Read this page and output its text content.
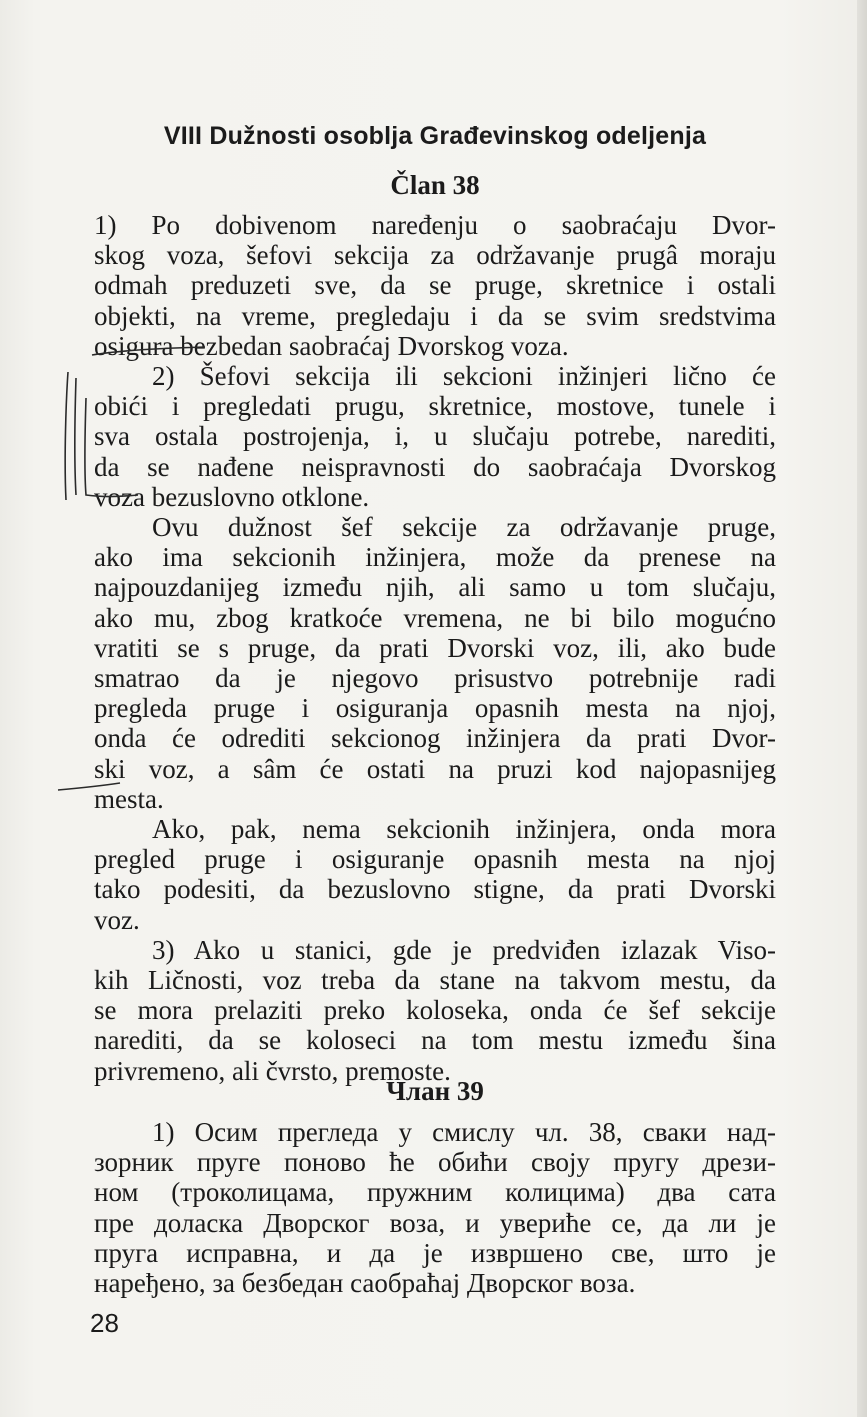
VIII Dužnosti osoblja Građevinskog odeljenja
Član 38
1) Po dobivenom naređenju o saobraćaju Dvor-
skog voza, šefovi sekcija za održavanje prugâ moraju
odmah preduzeti sve, da se pruge, skretnice i ostali
objekti, na vreme, pregledaju i da se svim sredstvima
osigura bezbedan saobraćaj Dvorskog voza.
2) Šefovi sekcija ili sekcioni inžinjeri lično će
obići i pregledati prugu, skretnice, mostove, tunele i
sva ostala postrojenja, i, u slučaju potrebe, narediti,
da se nađene neispravnosti do saobraćaja Dvorskog
voza bezuslovno otklone.
Ovu dužnost šef sekcije za održavanje pruge,
ako ima sekcionih inžinjera, može da prenese na
najpouzdanijeg između njih, ali samo u tom slučaju,
ako mu, zbog kratkoće vremena, ne bi bilo mogućno
vratiti se s pruge, da prati Dvorski voz, ili, ako bude
smatrao da je njegovo prisustvo potrebnije radi
pregleda pruge i osiguranja opasnih mesta na njoj,
onda će odrediti sekcionog inžinjera da prati Dvor-
ski voz, a sâm će ostati na pruzi kod najopasnijeg
mesta.
Ako, pak, nema sekcionih inžinjera, onda mora
pregled pruge i osiguranje opasnih mesta na njoj
tako podesiti, da bezuslovno stigne, da prati Dvorski
voz.
3) Ako u stanici, gde je predviđen izlazak Viso-
kih Ličnosti, voz treba da stane na takvom mestu, da
se mora prelaziti preko koloseka, onda će šef sekcije
narediti, da se koloseci na tom mestu između šina
privremeno, ali čvrsto, premoste.
Члан 39
1) Осим прегледа у смислу чл. 38, сваки над-
зорник пруге поново ће обићи своју пругу дрези-
ном (троколицама, пружним колицима) два сата
пре доласка Дворског воза, и увериће се, да ли је
пруга исправна, и да је извршено све, што је
наређено, за безбедан саобраћај Дворског воза.

28
